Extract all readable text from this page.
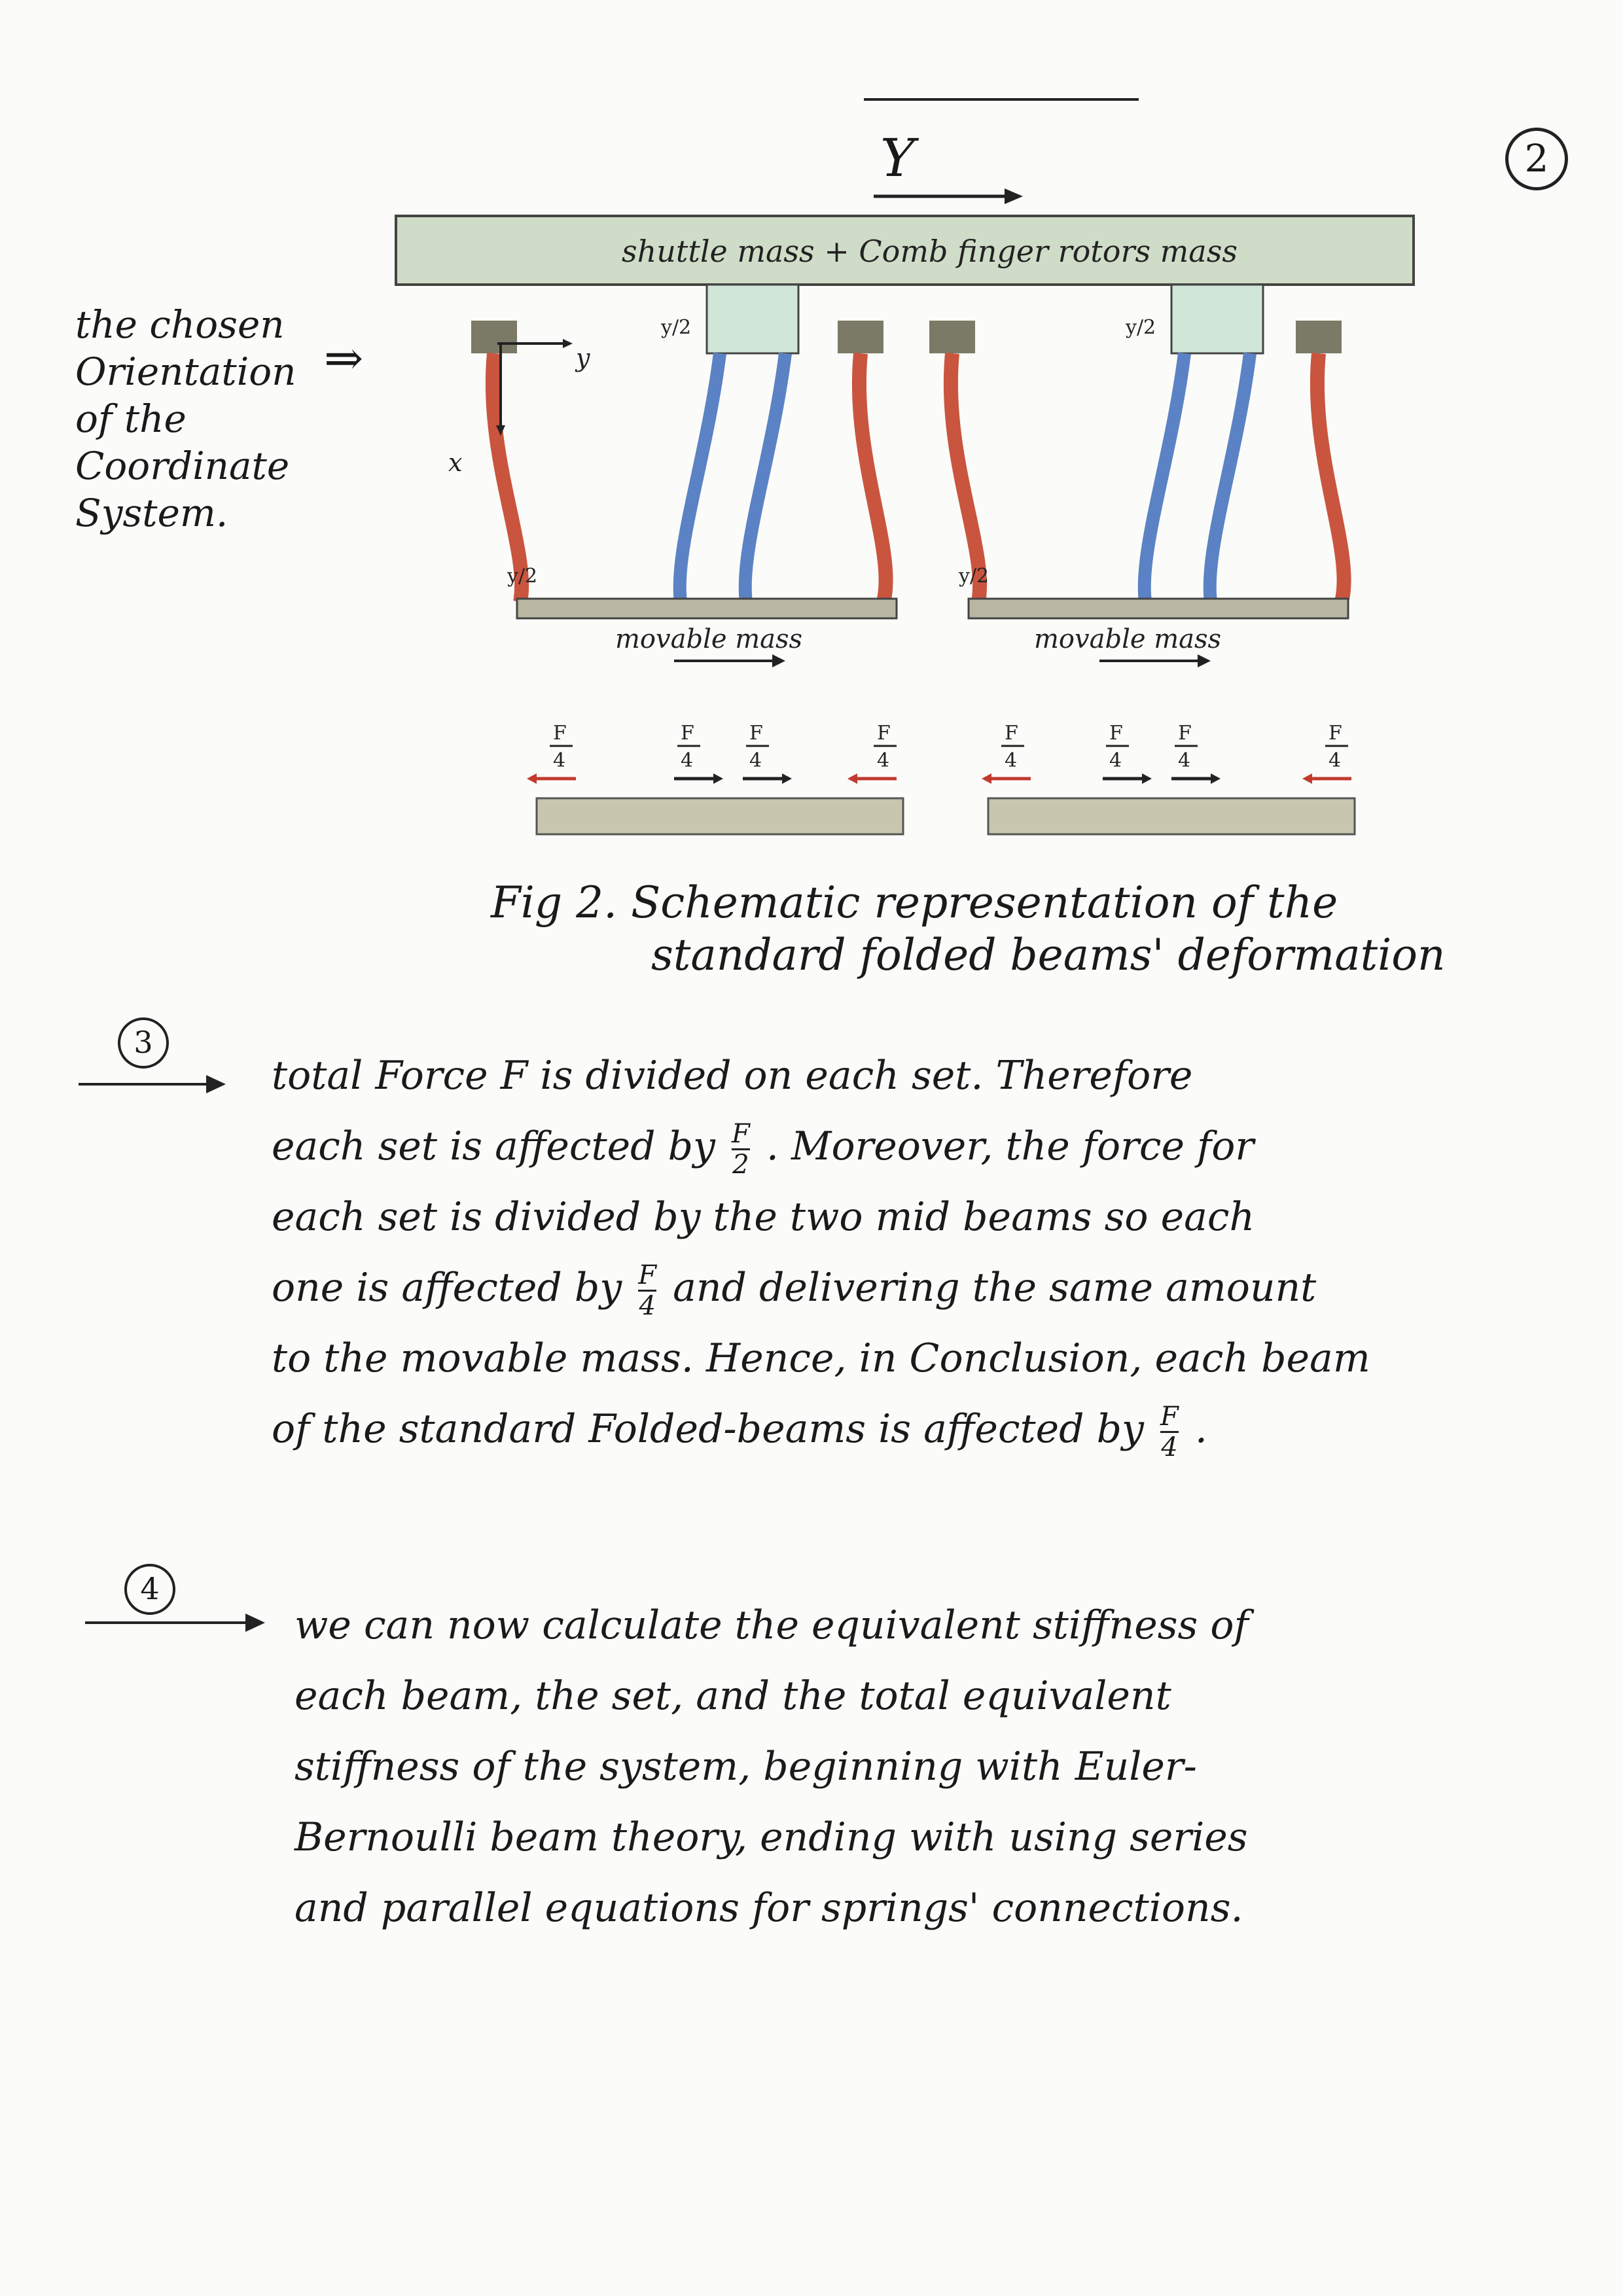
2
Y
the chosen
Orientation
of the
Coordinate
System.
⇒
shuttle mass + Comb finger rotors mass
movable mass	movable mass
y
x
y/2	y/2
y/2	y/2
F
4
F
4
F
4
F
4
F
4
F
4
F
4
F
4
Fig 2. Schematic representation of the
standard folded beams' deformation
3
total Force F is divided on each set. Therefore
each set is affected by $\frac{F}{2}$ . Moreover, the force for
each set is divided by the two mid beams so each
one is affected by $\frac{F}{4}$ and delivering the same amount
to the movable mass. Hence, in Conclusion, each beam
of the standard Folded-beams is affected by $\frac{F}{4}$ .
4
we can now calculate the equivalent stiffness of
each beam, the set, and the total equivalent
stiffness of the system, beginning with Euler-
Bernoulli beam theory, ending with using series
and parallel equations for springs' connections.
